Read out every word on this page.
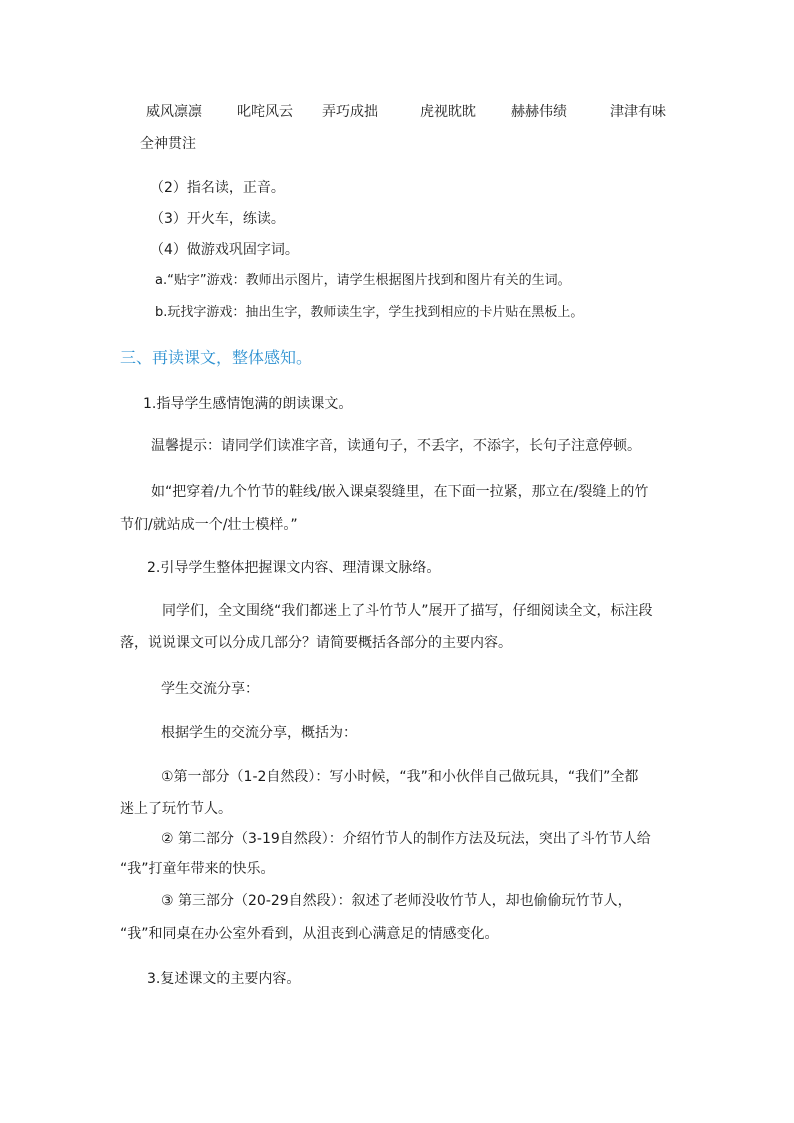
威风凛凛	叱咤风云 弄巧成拙	虎视眈眈	赫赫伟绩	津津有味
全神贯注
（2）指名读，正音。
（3）开火车，练读。
（4）做游戏巩固字词。
a.“贴字”游戏：教师出示图片，请学生根据图片找到和图片有关的生词。
b.玩找字游戏：抽出生字，教师读生字，学生找到相应的卡片贴在黑板上。
三、再读课文，整体感知。
1.指导学生感情饱满的朗读课文。
温馨提示：请同学们读准字音，读通句子，不丢字，不添字，长句子注意停顿。
如“把穿着/九个竹节的鞋线/嵌入课桌裂缝里，在下面一拉紧，那立在/裂缝上的竹
节们/就站成一个/壮士模样。”
2.引导学生整体把握课文内容、理清课文脉络。
同学们，全文围绕“我们都迷上了斗竹节人”展开了描写，仔细阅读全文，标注段
落，说说课文可以分成几部分？请简要概括各部分的主要内容。
学生交流分享：
根据学生的交流分享，概括为：
①第一部分（1-2自然段）：写小时候，“我”和小伙伴自己做玩具，“我们”全都
迷上了玩竹节人。
② 第二部分（3-19自然段）：介绍竹节人的制作方法及玩法，突出了斗竹节人给
“我”打童年带来的快乐。
③ 第三部分（20-29自然段）：叙述了老师没收竹节人，却也偷偷玩竹节人，
“我”和同桌在办公室外看到，从沮丧到心满意足的情感变化。
3.复述课文的主要内容。
